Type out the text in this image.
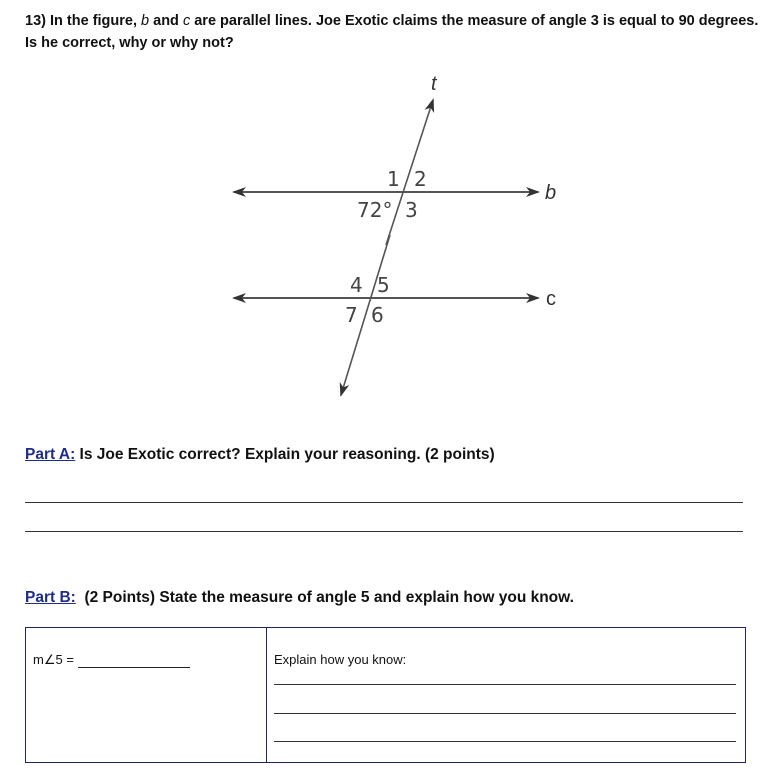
13) In the figure, b and c are parallel lines. Joe Exotic claims the measure of angle 3 is equal to 90 degrees. Is he correct, why or why not?
t
b
c
1 2
72° 3
4 5
7 6
Part A: Is Joe Exotic correct? Explain your reasoning. (2 points)
Part B:  (2 Points) State the measure of angle 5 and explain how you know.
m∠5 =	Explain how you know:
